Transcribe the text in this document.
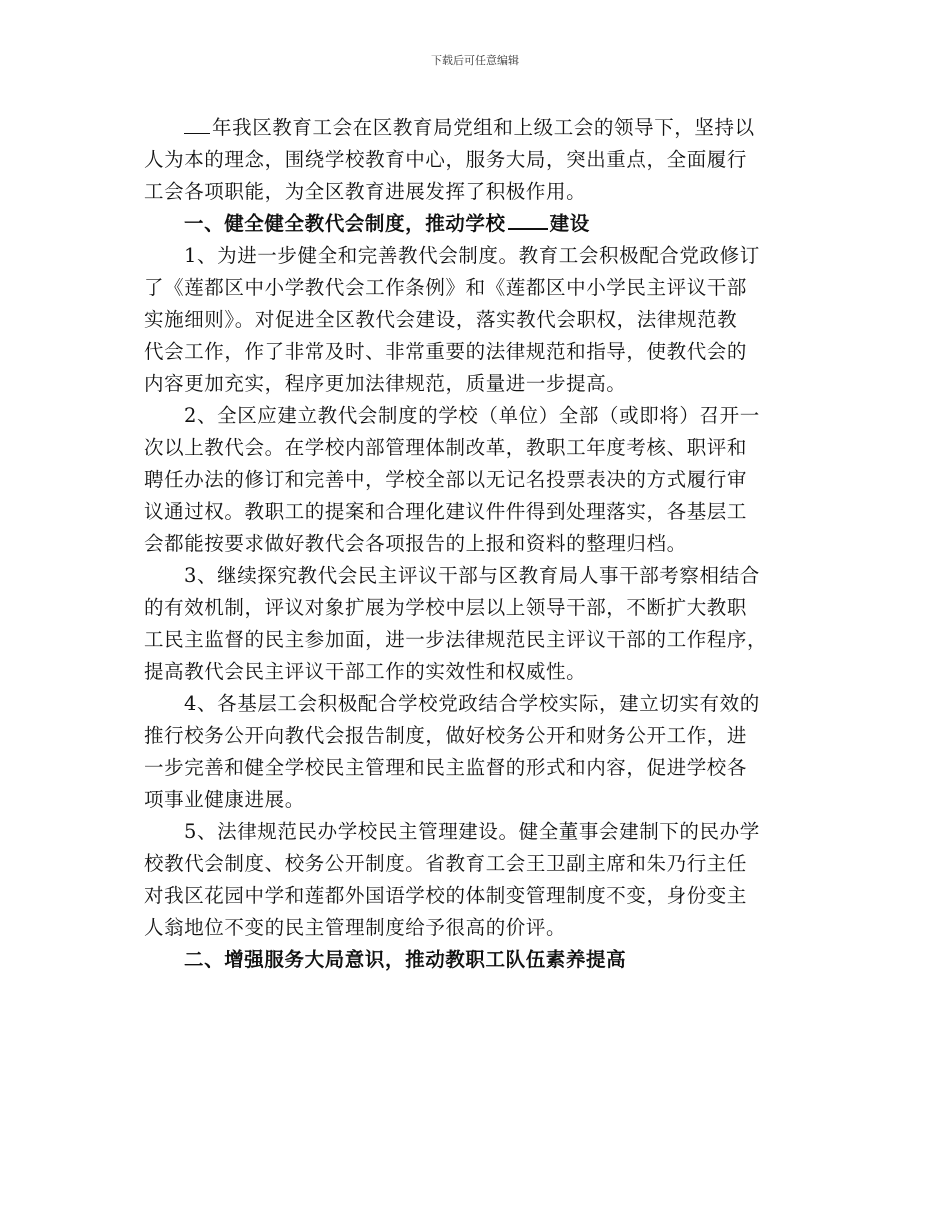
下载后可任意编辑
年我区教育工会在区教育局党组和上级工会的领导下，坚持以
人为本的理念，围绕学校教育中心，服务大局，突出重点，全面履行
工会各项职能，为全区教育进展发挥了积极作用。
一、健全健全教代会制度，推动学校 建设
1、为进一步健全和完善教代会制度。教育工会积极配合党政修订
了《莲都区中小学教代会工作条例》和《莲都区中小学民主评议干部
实施细则》。对促进全区教代会建设，落实教代会职权，法律规范教
代会工作，作了非常及时、非常重要的法律规范和指导，使教代会的
内容更加充实，程序更加法律规范，质量进一步提高。
2、全区应建立教代会制度的学校（单位）全部（或即将）召开一
次以上教代会。在学校内部管理体制改革，教职工年度考核、职评和
聘任办法的修订和完善中，学校全部以无记名投票表决的方式履行审
议通过权。教职工的提案和合理化建议件件得到处理落实，各基层工
会都能按要求做好教代会各项报告的上报和资料的整理归档。
3、继续探究教代会民主评议干部与区教育局人事干部考察相结合
的有效机制，评议对象扩展为学校中层以上领导干部，不断扩大教职
工民主监督的民主参加面，进一步法律规范民主评议干部的工作程序，
提高教代会民主评议干部工作的实效性和权威性。
4、各基层工会积极配合学校党政结合学校实际，建立切实有效的
推行校务公开向教代会报告制度，做好校务公开和财务公开工作，进
一步完善和健全学校民主管理和民主监督的形式和内容，促进学校各
项事业健康进展。
5、法律规范民办学校民主管理建设。健全董事会建制下的民办学
校教代会制度、校务公开制度。省教育工会王卫副主席和朱乃行主任
对我区花园中学和莲都外国语学校的体制变管理制度不变，身份变主
人翁地位不变的民主管理制度给予很高的价评。
二、增强服务大局意识，推动教职工队伍素养提高
